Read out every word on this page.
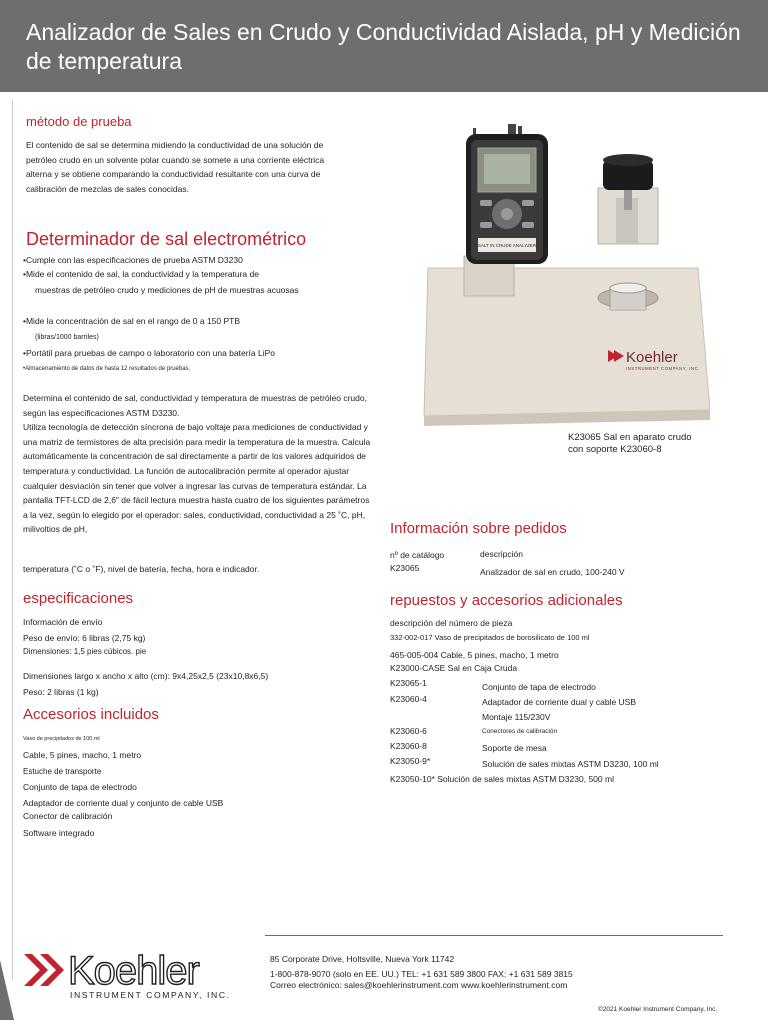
Analizador de Sales en Crudo y Conductividad Aislada, pH y Medición de temperatura
método de prueba
El contenido de sal se determina midiendo la conductividad de una solución de
petróleo crudo en un solvente polar cuando se somete a una corriente eléctrica
alterna y se obtiene comparando la conductividad resultante con una curva de
calibración de mezclas de sales conocidas.
Determinador de sal electrométrico
•Cumple con las especificaciones de prueba ASTM D3230
•Mide el contenido de sal, la conductividad y la temperatura de
muestras de petróleo crudo y mediciones de pH de muestras acuosas
•Mide la concentración de sal en el rango de 0 a 150 PTB
(libras/1000 barriles)
•Portátil para pruebas de campo o laboratorio con una batería LiPo
•Almacenamiento de datos de hasta 12 resultados de pruebas.
Determina el contenido de sal, conductividad y temperatura de muestras de petróleo crudo,
según las especificaciones ASTM D3230.
Utiliza tecnología de detección síncrona de bajo voltaje para mediciones de conductividad y
una matriz de termistores de alta precisión para medir la temperatura de la muestra. Calcula
automáticamente la concentración de sal directamente a partir de los valores adquiridos de
temperatura y conductividad. La función de autocalibración permite al operador ajustar
cualquier desviación sin tener que volver a ingresar las curvas de temperatura estándar. La
pantalla TFT-LCD de 2,6" de fácil lectura muestra hasta cuatro de los siguientes parámetros
a la vez, según lo elegido por el operador: sales, conductividad, conductividad a 25 ˚C, pH,
milivoltios de pH,
temperatura (˚C o ˚F), nivel de batería, fecha, hora e indicador.
especificaciones
Información de envío
Peso de envío: 6 libras (2,75 kg)
Dimensiones: 1,5 pies cúbicos. pie
Dimensiones largo x ancho x alto (cm): 9x4,25x2,5 (23x10,8x6,5)
Peso: 2 libras (1 kg)
Accesorios incluidos
Vaso de precipitados de 100 ml
Cable, 5 pines, macho, 1 metro
Estuche de transporte
Conjunto de tapa de electrodo
Adaptador de corriente dual y conjunto de cable USB
Conector de calibración
Software integrado
SALT IN CRUDE ANALYZER
Koehler
INSTRUMENT COMPANY, INC.
K23065 Sal en aparato crudo
con soporte K23060-8
Información sobre pedidos
nº de catálogo	descripción
K23065	Analizador de sal en crudo, 100-240 V
repuestos y accesorios adicionales
descripción del número de pieza
332-002-017 Vaso de precipitados de borosilicato de 100 ml
465-005-004 Cable, 5 pines, macho, 1 metro
K23000-CASE Sal en Caja Cruda
K23065-1	Conjunto de tapa de electrodo
K23060-4	Adaptador de corriente dual y cable USB
Montaje 115/230V
K23060-6	Conectores de calibración
K23060-8	Soporte de mesa
K23050-9*	Solución de sales mixtas ASTM D3230, 100 ml
K23050-10* Solución de sales mixtas ASTM D3230, 500 ml
Koehler
INSTRUMENT COMPANY, INC.
85 Corporate Drive, Holtsville, Nueva York 11742
1-800-878-9070 (solo en EE. UU.) TEL: +1 631 589 3800 FAX: +1 631 589 3815
Correo electrónico: sales@koehlerinstrument.com www.koehlerinstrument.com
©2021 Koehler Instrument Company, Inc.
